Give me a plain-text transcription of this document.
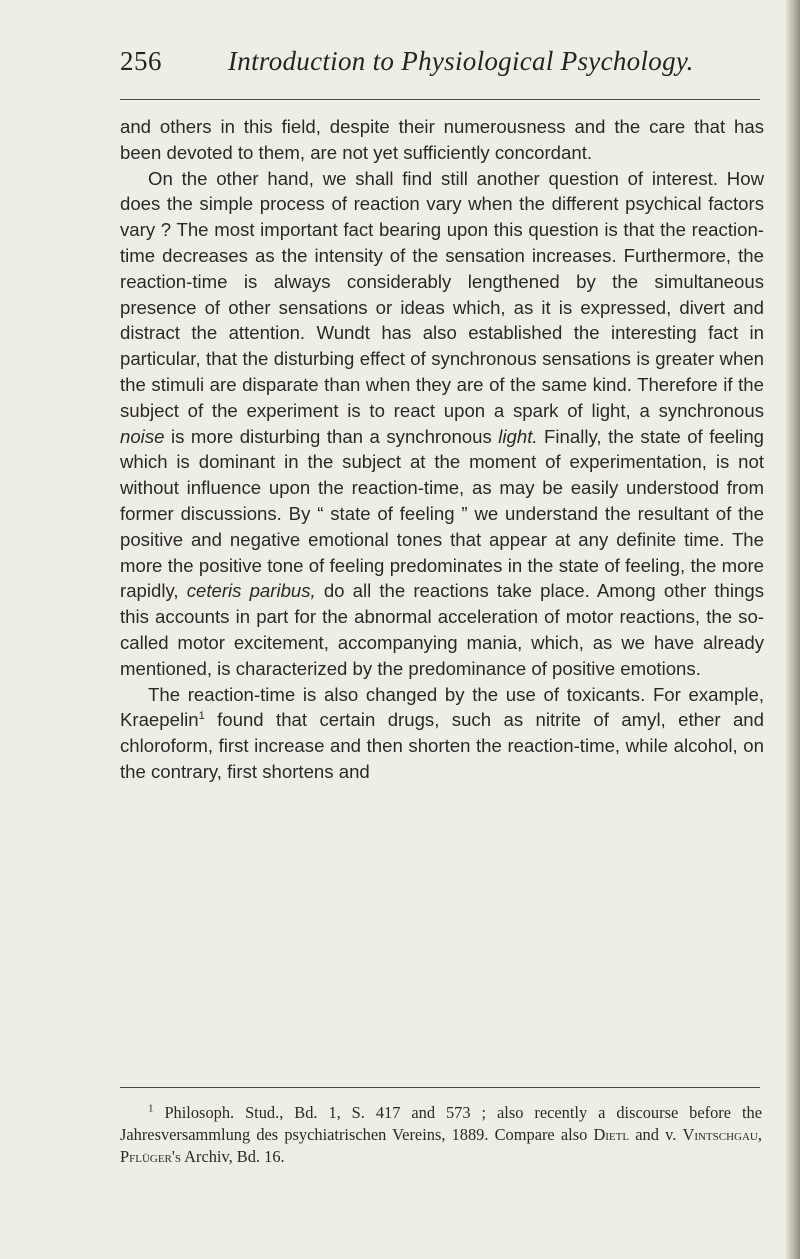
256 Introduction to Physiological Psychology.

and others in this field, despite their numerousness and the care that has been devoted to them, are not yet sufficiently concordant.

On the other hand, we shall find still another question of interest. How does the simple process of reaction vary when the different psychical factors vary ? The most important fact bearing upon this question is that the reaction-time decreases as the intensity of the sensation increases. Furthermore, the reaction-time is always considerably lengthened by the simultaneous presence of other sensations or ideas which, as it is expressed, divert and distract the attention. Wundt has also established the interesting fact in particular, that the disturbing effect of synchronous sensations is greater when the stimuli are disparate than when they are of the same kind. Therefore if the subject of the experiment is to react upon a spark of light, a synchronous noise is more disturbing than a synchronous light. Finally, the state of feeling which is dominant in the subject at the moment of experimentation, is not without influence upon the reaction-time, as may be easily understood from former discussions. By “ state of feeling ” we understand the resultant of the positive and negative emotional tones that appear at any definite time. The more the positive tone of feeling predominates in the state of feeling, the more rapidly, ceteris paribus, do all the reactions take place. Among other things this accounts in part for the abnormal acceleration of motor reactions, the so-called motor excitement, accompanying mania, which, as we have already mentioned, is characterized by the predominance of positive emotions.

The reaction-time is also changed by the use of toxicants. For example, Kraepelin$^1$ found that certain drugs, such as nitrite of amyl, ether and chloroform, first increase and then shorten the reaction-time, while alcohol, on the contrary, first shortens and

$^1$ Philosoph. Stud., Bd. 1, S. 417 and 573 ; also recently a discourse before the Jahresversammlung des psychiatrischen Vereins, 1889. Compare also Dietl and v. Vintschgau, Pflüger's Archiv, Bd. 16.
